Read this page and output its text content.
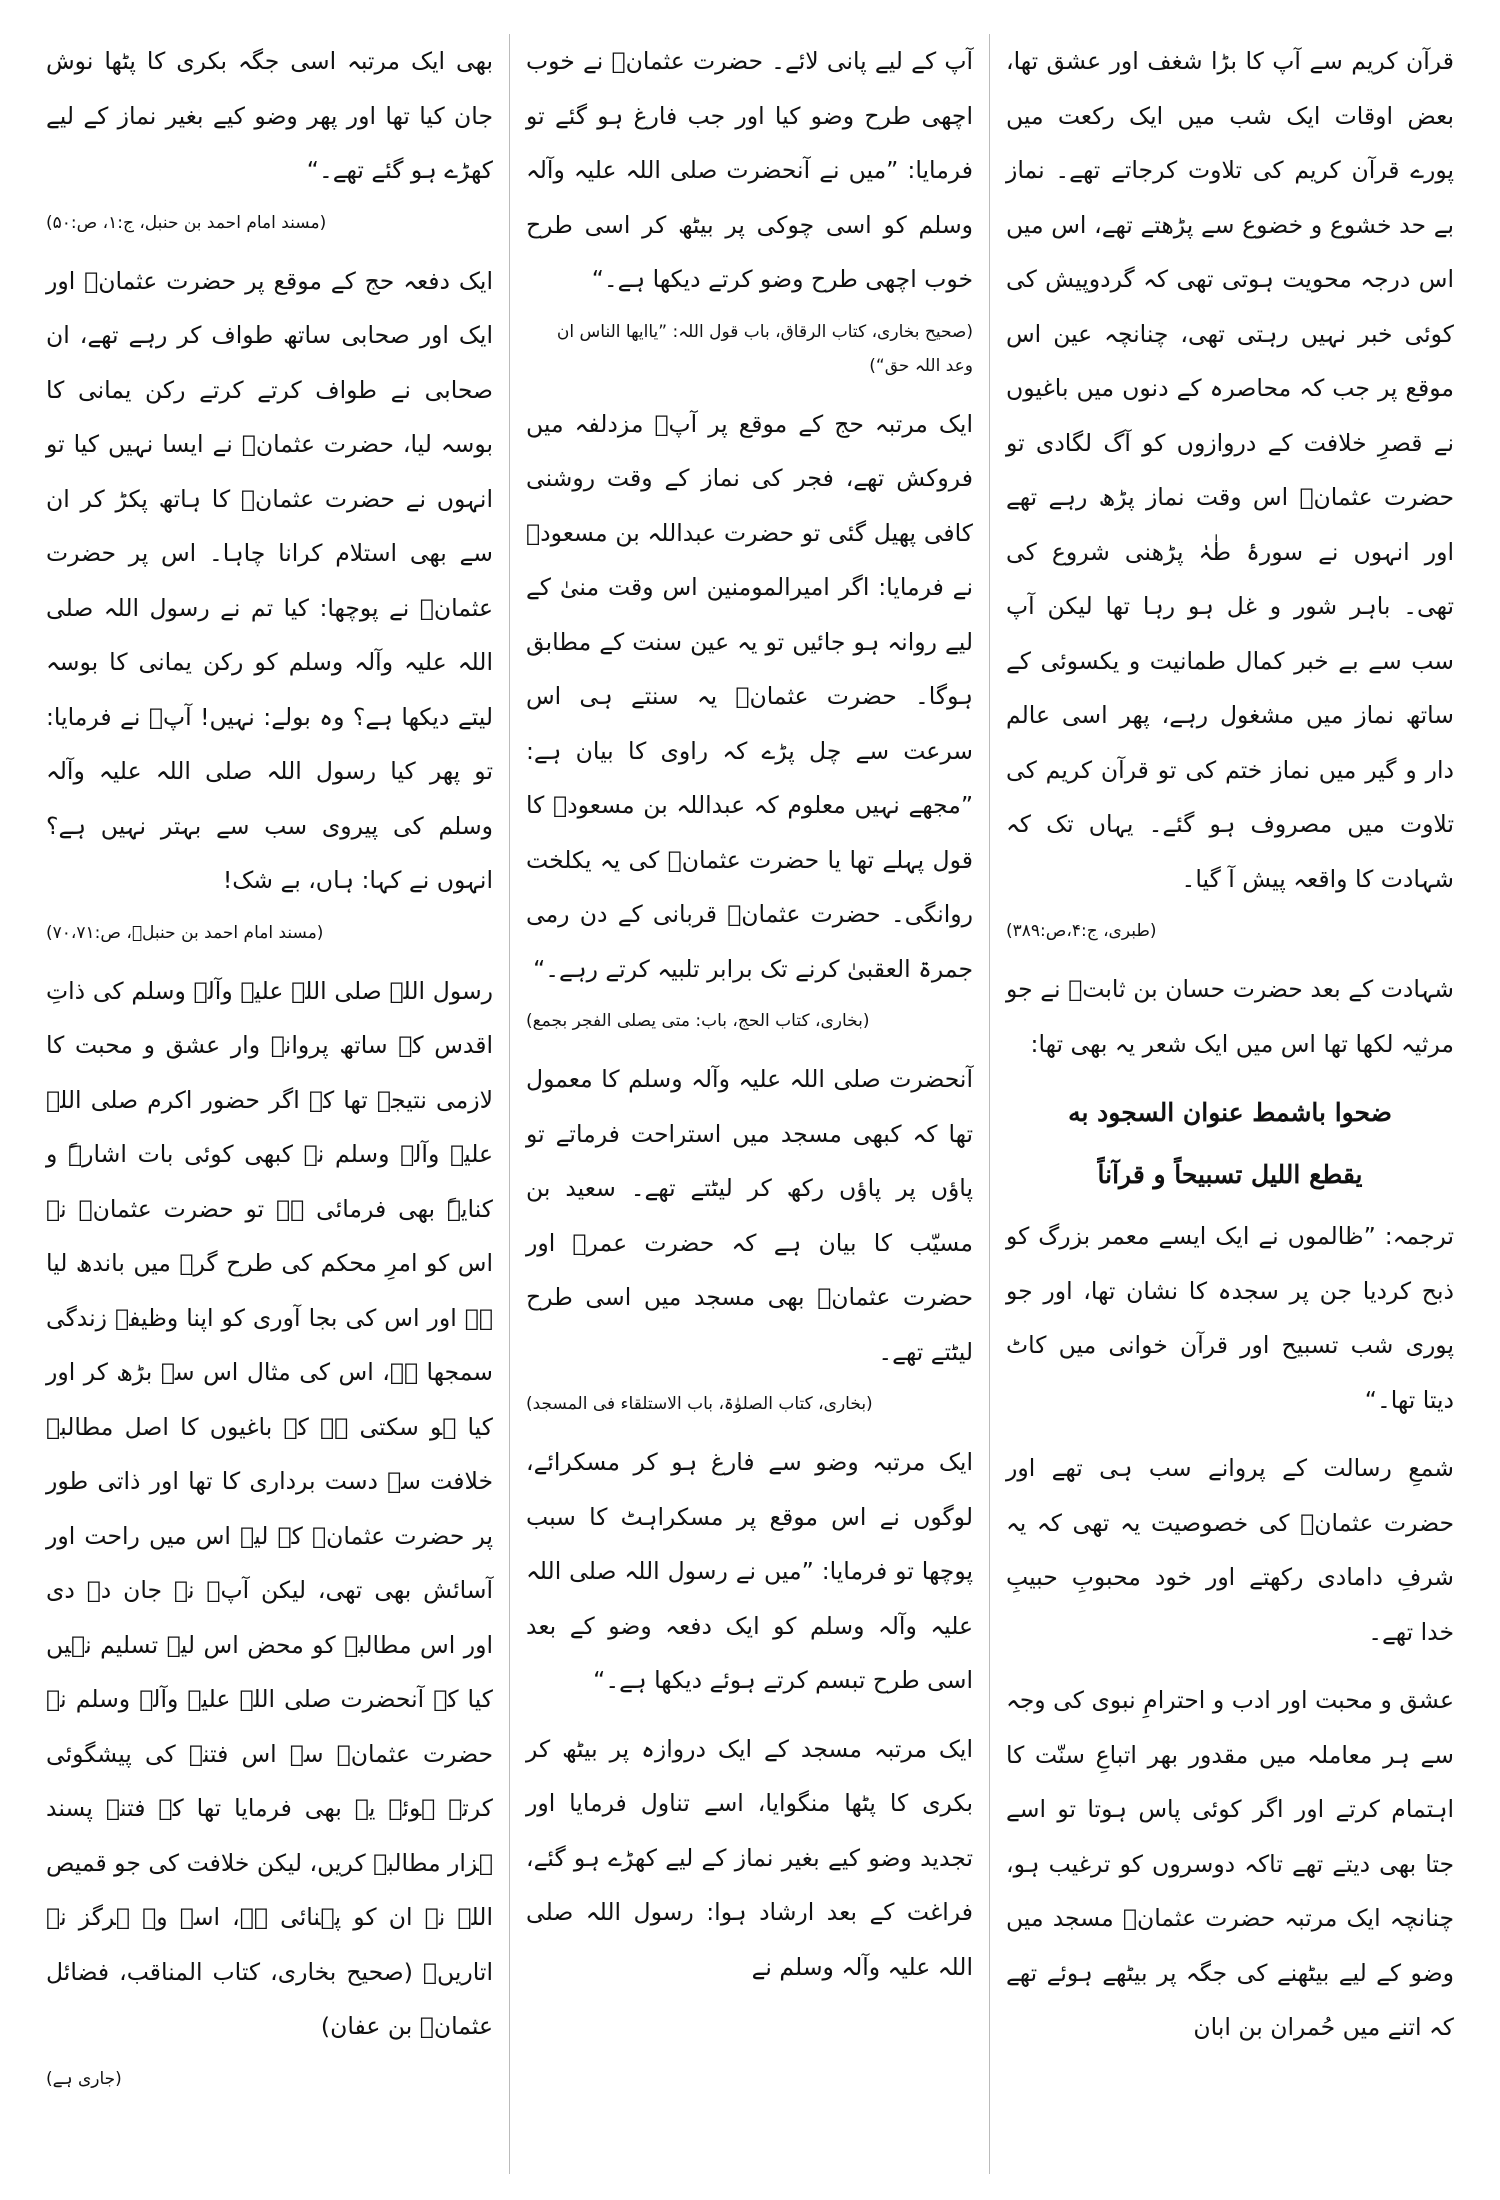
قرآن کریم سے آپ کا بڑا شغف اور عشق تھا، بعض اوقات ایک شب میں ایک رکعت میں پورے قرآن کریم کی تلاوت کرجاتے تھے۔ نماز بے حد خشوع و خضوع سے پڑھتے تھے، اس میں اس درجہ محویت ہوتی تھی کہ گردوپیش کی کوئی خبر نہیں رہتی تھی، چنانچہ عین اس موقع پر جب کہ محاصرہ کے دنوں میں باغیوں نے قصرِ خلافت کے دروازوں کو آگ لگادی تو حضرت عثمانؓ اس وقت نماز پڑھ رہے تھے اور انہوں نے سورۂ طٰہٰ پڑھنی شروع کی تھی۔ باہر شور و غل ہو رہا تھا لیکن آپ سب سے بے خبر کمال طمانیت و یکسوئی کے ساتھ نماز میں مشغول رہے، پھر اسی عالم دار و گیر میں نماز ختم کی تو قرآن کریم کی تلاوت میں مصروف ہو گئے۔ یہاں تک کہ شہادت کا واقعہ پیش آ گیا۔

(طبری، ج:۴،ص:۳۸۹)

شہادت کے بعد حضرت حسان بن ثابتؓ نے جو مرثیہ لکھا تھا اس میں ایک شعر یہ بھی تھا:

ضحوا باشمط عنوان السجود به
يقطع الليل تسبيحاً و قرآناً

ترجمہ: ”ظالموں نے ایک ایسے معمر بزرگ کو ذبح کردیا جن پر سجدہ کا نشان تھا، اور جو پوری شب تسبیح اور قرآن خوانی میں کاٹ دیتا تھا۔“

شمعِ رسالت کے پروانے سب ہی تھے اور حضرت عثمانؓ کی خصوصیت یہ تھی کہ یہ شرفِ دامادی رکھتے اور خود محبوبِ حبیبِ خدا تھے۔

عشق و محبت اور ادب و احترامِ نبوی کی وجہ سے ہر معاملہ میں مقدور بھر اتباعِ سنّت کا اہتمام کرتے اور اگر کوئی پاس ہوتا تو اسے جتا بھی دیتے تھے تاکہ دوسروں کو ترغیب ہو، چنانچہ ایک مرتبہ حضرت عثمانؓ مسجد میں وضو کے لیے بیٹھنے کی جگہ پر بیٹھے ہوئے تھے کہ اتنے میں حُمران بن ابان

آپ کے لیے پانی لائے۔ حضرت عثمانؓ نے خوب اچھی طرح وضو کیا اور جب فارغ ہو گئے تو فرمایا: ”میں نے آنحضرت صلی اللہ علیہ وآلہ وسلم کو اسی چوکی پر بیٹھ کر اسی طرح خوب اچھی طرح وضو کرتے دیکھا ہے۔“

(صحیح بخاری، کتاب الرقاق، باب قول اللہ: ”یاایھا الناس ان وعد اللہ حق“)

ایک مرتبہ حج کے موقع پر آپؓ مزدلفہ میں فروکش تھے، فجر کی نماز کے وقت روشنی کافی پھیل گئی تو حضرت عبداللہ بن مسعودؓ نے فرمایا: اگر امیرالمومنین اس وقت منیٰ کے لیے روانہ ہو جائیں تو یہ عین سنت کے مطابق ہوگا۔ حضرت عثمانؓ یہ سنتے ہی اس سرعت سے چل پڑے کہ راوی کا بیان ہے: ”مجھے نہیں معلوم کہ عبداللہ بن مسعودؓ کا قول پہلے تھا یا حضرت عثمانؓ کی یہ یکلخت روانگی۔ حضرت عثمانؓ قربانی کے دن رمی جمرۃ العقبیٰ کرنے تک برابر تلبیہ کرتے رہے۔“

(بخاری، کتاب الحج، باب: متی یصلی الفجر بجمع)

آنحضرت صلی اللہ علیہ وآلہ وسلم کا معمول تھا کہ کبھی مسجد میں استراحت فرماتے تو پاؤں پر پاؤں رکھ کر لیٹتے تھے۔ سعید بن مسیّب کا بیان ہے کہ حضرت عمرؓ اور حضرت عثمانؓ بھی مسجد میں اسی طرح لیٹتے تھے۔

(بخاری، کتاب الصلوٰۃ، باب الاستلقاء فی المسجد)

ایک مرتبہ وضو سے فارغ ہو کر مسکرائے، لوگوں نے اس موقع پر مسکراہٹ کا سبب پوچھا تو فرمایا: ”میں نے رسول اللہ صلی اللہ علیہ وآلہ وسلم کو ایک دفعہ وضو کے بعد اسی طرح تبسم کرتے ہوئے دیکھا ہے۔“

ایک مرتبہ مسجد کے ایک دروازہ پر بیٹھ کر بکری کا پٹھا منگوایا، اسے تناول فرمایا اور تجدید وضو کیے بغیر نماز کے لیے کھڑے ہو گئے، فراغت کے بعد ارشاد ہوا: رسول اللہ صلی اللہ علیہ وآلہ وسلم نے

بھی ایک مرتبہ اسی جگہ بکری کا پٹھا نوش جان کیا تھا اور پھر وضو کیے بغیر نماز کے لیے کھڑے ہو گئے تھے۔“

(مسند امام احمد بن حنبل، ج:۱، ص:۵۰)

ایک دفعہ حج کے موقع پر حضرت عثمانؓ اور ایک اور صحابی ساتھ طواف کر رہے تھے، ان صحابی نے طواف کرتے کرتے رکن یمانی کا بوسہ لیا، حضرت عثمانؓ نے ایسا نہیں کیا تو انہوں نے حضرت عثمانؓ کا ہاتھ پکڑ کر ان سے بھی استلام کرانا چاہا۔ اس پر حضرت عثمانؓ نے پوچھا: کیا تم نے رسول اللہ صلی اللہ علیہ وآلہ وسلم کو رکن یمانی کا بوسہ لیتے دیکھا ہے؟ وہ بولے: نہیں! آپؓ نے فرمایا: تو پھر کیا رسول اللہ صلی اللہ علیہ وآلہ وسلم کی پیروی سب سے بہتر نہیں ہے؟ انہوں نے کہا: ہاں، بے شک!

(مسند امام احمد بن حنبلؒ، ص:۷۰،۷۱)

رسول اللہ صلی اللہ علیہ وآلہ وسلم کی ذاتِ اقدس کے ساتھ پروانہ وار عشق و محبت کا لازمی نتیجہ تھا کہ اگر حضور اکرم صلی اللہ علیہ وآلہ وسلم نے کبھی کوئی بات اشارۃً و کنایۃً بھی فرمائی ہے تو حضرت عثمانؓ نے اس کو امرِ محکم کی طرح گرہ میں باندھ لیا ہے اور اس کی بجا آوری کو اپنا وظیفۂ زندگی سمجھا ہے، اس کی مثال اس سے بڑھ کر اور کیا ہو سکتی ہے کہ باغیوں کا اصل مطالبہ خلافت سے دست برداری کا تھا اور ذاتی طور پر حضرت عثمانؓ کے لیے اس میں راحت اور آسائش بھی تھی، لیکن آپؓ نے جان دے دی اور اس مطالبہ کو محض اس لیے تسلیم نہیں کیا کہ آنحضرت صلی اللہ علیہ وآلہ وسلم نے حضرت عثمانؓ سے اس فتنے کی پیشگوئی کرتے ہوئے یہ بھی فرمایا تھا کہ فتنہ پسند ہزار مطالبہ کریں، لیکن خلافت کی جو قمیص اللہ نے ان کو پہنائی ہے، اسے وہ ہرگز نہ اتاریں۔ (صحیح بخاری، کتاب المناقب، فضائل عثمانؓ بن عفان)

(جاری ہے)
